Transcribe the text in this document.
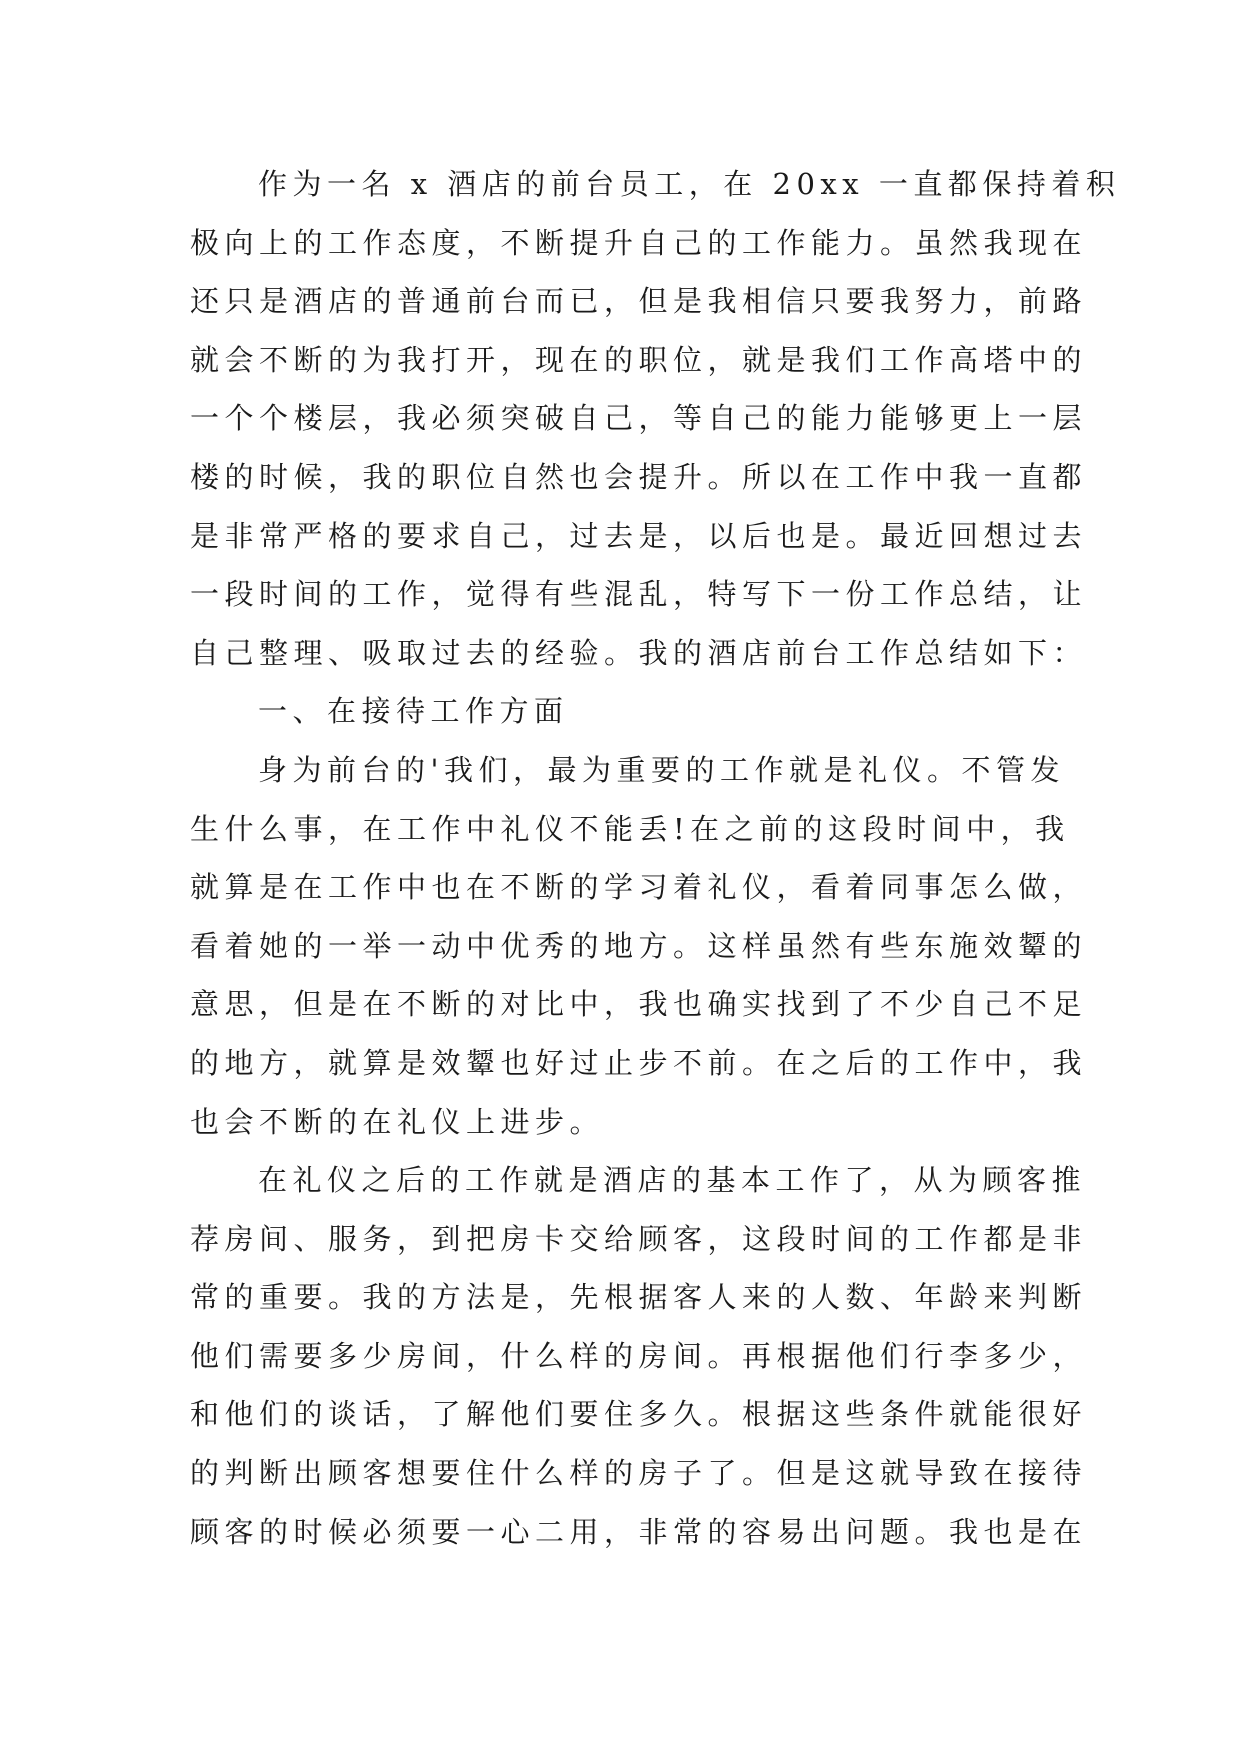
作为一名 x 酒店的前台员工，在 20xx 一直都保持着积
极向上的工作态度，不断提升自己的工作能力。虽然我现在
还只是酒店的普通前台而已，但是我相信只要我努力，前路
就会不断的为我打开，现在的职位，就是我们工作高塔中的
一个个楼层，我必须突破自己，等自己的能力能够更上一层
楼的时候，我的职位自然也会提升。所以在工作中我一直都
是非常严格的要求自己，过去是，以后也是。最近回想过去
一段时间的工作，觉得有些混乱，特写下一份工作总结，让
自己整理、吸取过去的经验。我的酒店前台工作总结如下：
一、在接待工作方面
身为前台的'我们，最为重要的工作就是礼仪。不管发
生什么事，在工作中礼仪不能丢!在之前的这段时间中，我
就算是在工作中也在不断的学习着礼仪，看着同事怎么做，
看着她的一举一动中优秀的地方。这样虽然有些东施效颦的
意思，但是在不断的对比中，我也确实找到了不少自己不足
的地方，就算是效颦也好过止步不前。在之后的工作中，我
也会不断的在礼仪上进步。
在礼仪之后的工作就是酒店的基本工作了，从为顾客推
荐房间、服务，到把房卡交给顾客，这段时间的工作都是非
常的重要。我的方法是，先根据客人来的人数、年龄来判断
他们需要多少房间，什么样的房间。再根据他们行李多少，
和他们的谈话，了解他们要住多久。根据这些条件就能很好
的判断出顾客想要住什么样的房子了。但是这就导致在接待
顾客的时候必须要一心二用，非常的容易出问题。我也是在
